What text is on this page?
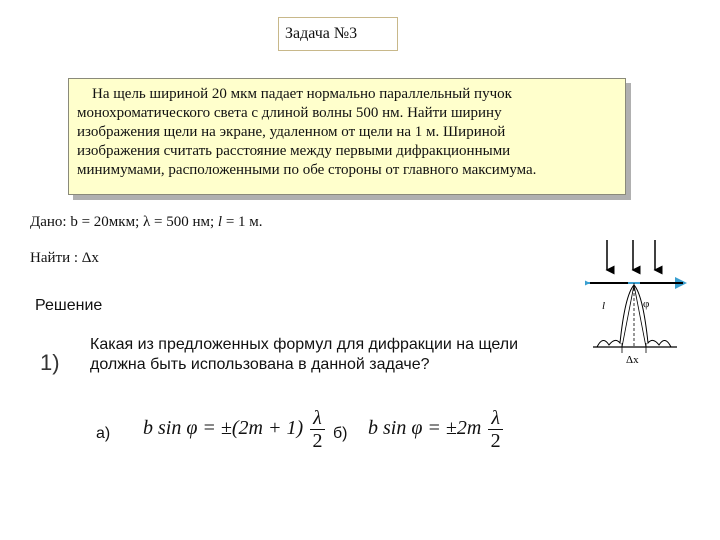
Задача №3
На щель шириной 20 мкм падает нормально параллельный пучок
монохроматического света с длиной волны 500 нм. Найти ширину
изображения щели на экране, удаленном от щели на 1 м. Шириной
изображения считать расстояние между первыми дифракционными
минимумами, расположенными по обе стороны от главного максимума.
Дано: b = 20мкм; λ = 500 нм; l = 1 м.
Найти : Δx
Решение
1)
Какая из предложенных формул для дифракции на щели
должна быть использована в данной задаче?
а) b $\sin \varphi = \pm(2m + 1) \frac{\lambda}{2} б$) b $\sin \varphi = \pm 2m \frac{\lambda}{2}$
l	φ
Δx
